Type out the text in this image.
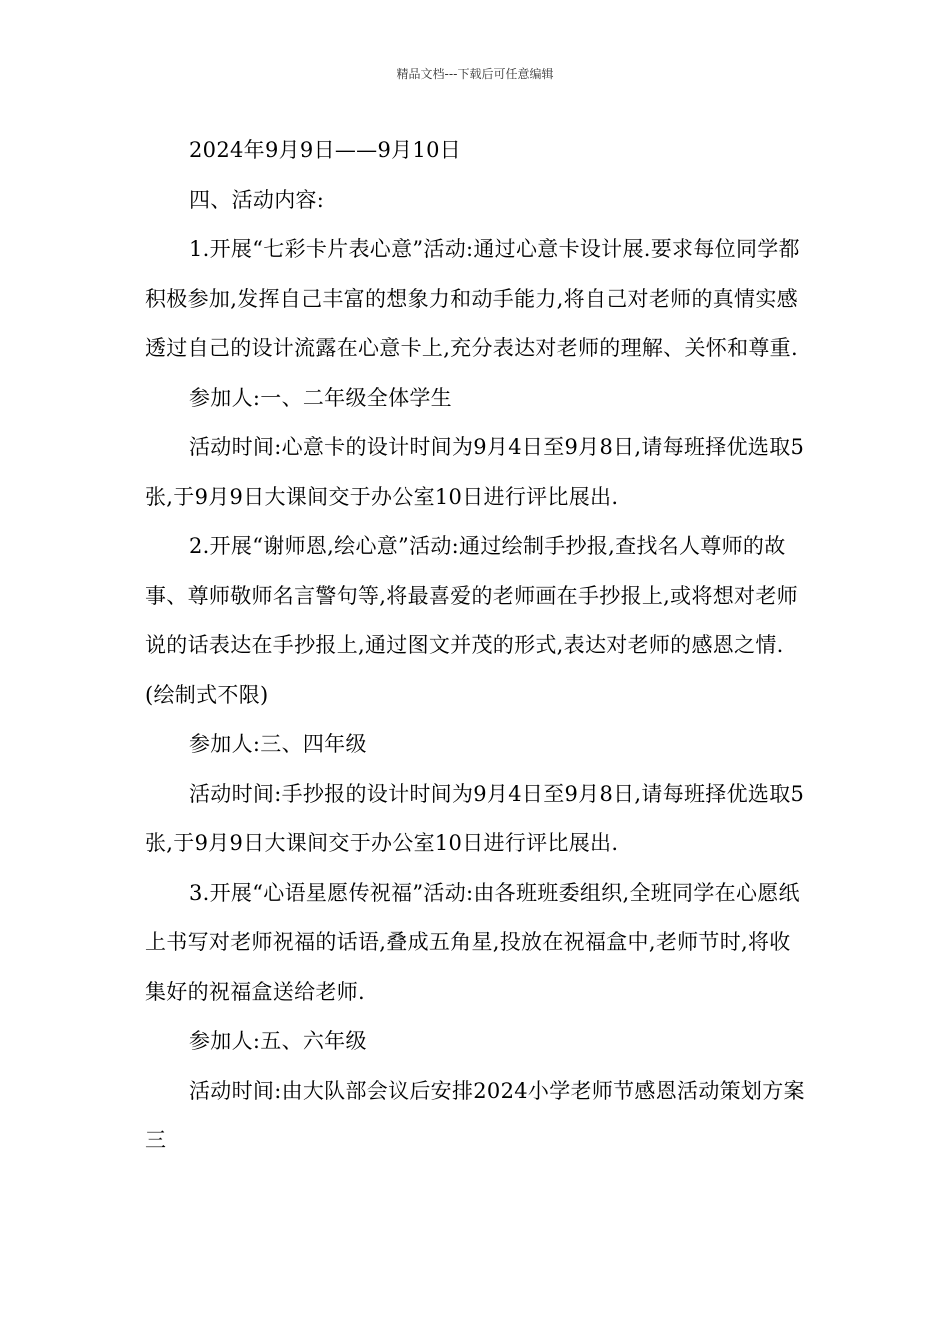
精品文档---下载后可任意编辑

2024年9月9日——9月10日

四、活动内容:

1.开展“七彩卡片表心意”活动:通过心意卡设计展.要求每位同学都积极参加,发挥自己丰富的想象力和动手能力,将自己对老师的真情实感透过自己的设计流露在心意卡上,充分表达对老师的理解、关怀和尊重.

参加人:一、二年级全体学生

活动时间:心意卡的设计时间为9月4日至9月8日,请每班择优选取5张,于9月9日大课间交于办公室10日进行评比展出.

2.开展“谢师恩,绘心意”活动:通过绘制手抄报,查找名人尊师的故事、尊师敬师名言警句等,将最喜爱的老师画在手抄报上,或将想对老师说的话表达在手抄报上,通过图文并茂的形式,表达对老师的感恩之情.(绘制式不限)

参加人:三、四年级

活动时间:手抄报的设计时间为9月4日至9月8日,请每班择优选取5张,于9月9日大课间交于办公室10日进行评比展出.

3.开展“心语星愿传祝福”活动:由各班班委组织,全班同学在心愿纸上书写对老师祝福的话语,叠成五角星,投放在祝福盒中,老师节时,将收集好的祝福盒送给老师.

参加人:五、六年级

活动时间:由大队部会议后安排2024小学老师节感恩活动策划方案三
